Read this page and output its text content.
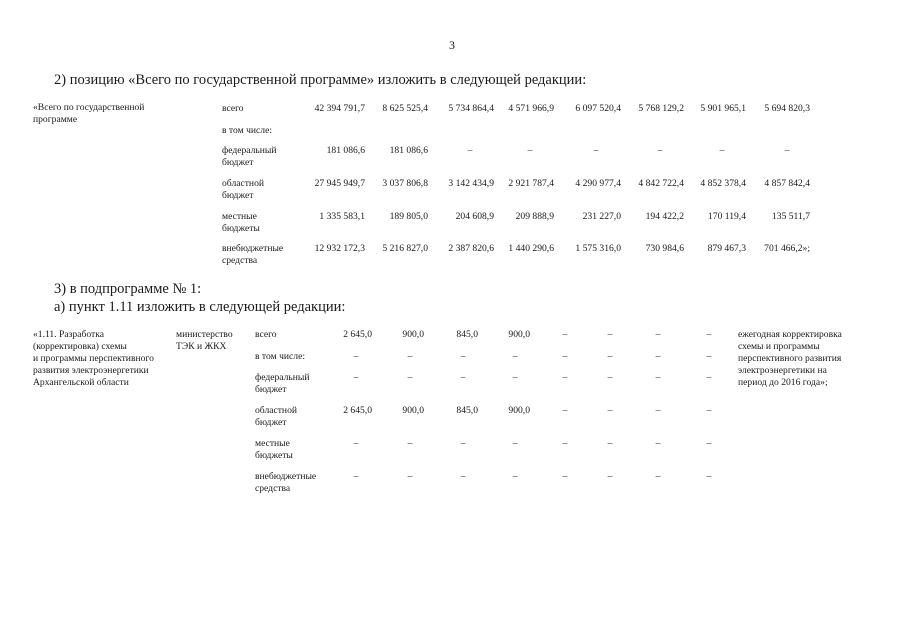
3
2) позицию «Всего по государственной программе» изложить в следующей редакции:
«Всего по государственной
программе
всего	42 394 791,7	8 625 525,4	5 734 864,4	4 571 966,9	6 097 520,4	5 768 129,2	5 901 965,1	5 694 820,3
в том числе:
федеральный
бюджет
181 086,6	181 086,6	–	–	–	–	–	–
областной
бюджет
27 945 949,7	3 037 806,8	3 142 434,9	2 921 787,4	4 290 977,4	4 842 722,4	4 852 378,4	4 857 842,4
местные
бюджеты
1 335 583,1	189 805,0	204 608,9	209 888,9	231 227,0	194 422,2	170 119,4	135 511,7
внебюджетные
средства
12 932 172,3	5 216 827,0	2 387 820,6	1 440 290,6	1 575 316,0	730 984,6	879 467,3	701 466,2»;
3) в подпрограмме № 1:
а) пункт 1.11 изложить в следующей редакции:
«1.11. Разработка
(корректировка) схемы
и программы перспективного
развития электроэнергетики
Архангельской области
министерство
ТЭК и ЖКХ
ежегодная корректировка
схемы и программы
перспективного развития
электроэнергетики на
период до 2016 года»;
всего	2 645,0	900,0	845,0	900,0	–	–	–	–
в том числе:	–	–	–	–	–	–	–	–
федеральный
бюджет
–	–	–	–	–	–	–	–
областной
бюджет
2 645,0	900,0	845,0	900,0	–	–	–	–
местные
бюджеты
–	–	–	–	–	–	–	–
внебюджетные
средства
–	–	–	–	–	–	–	–
